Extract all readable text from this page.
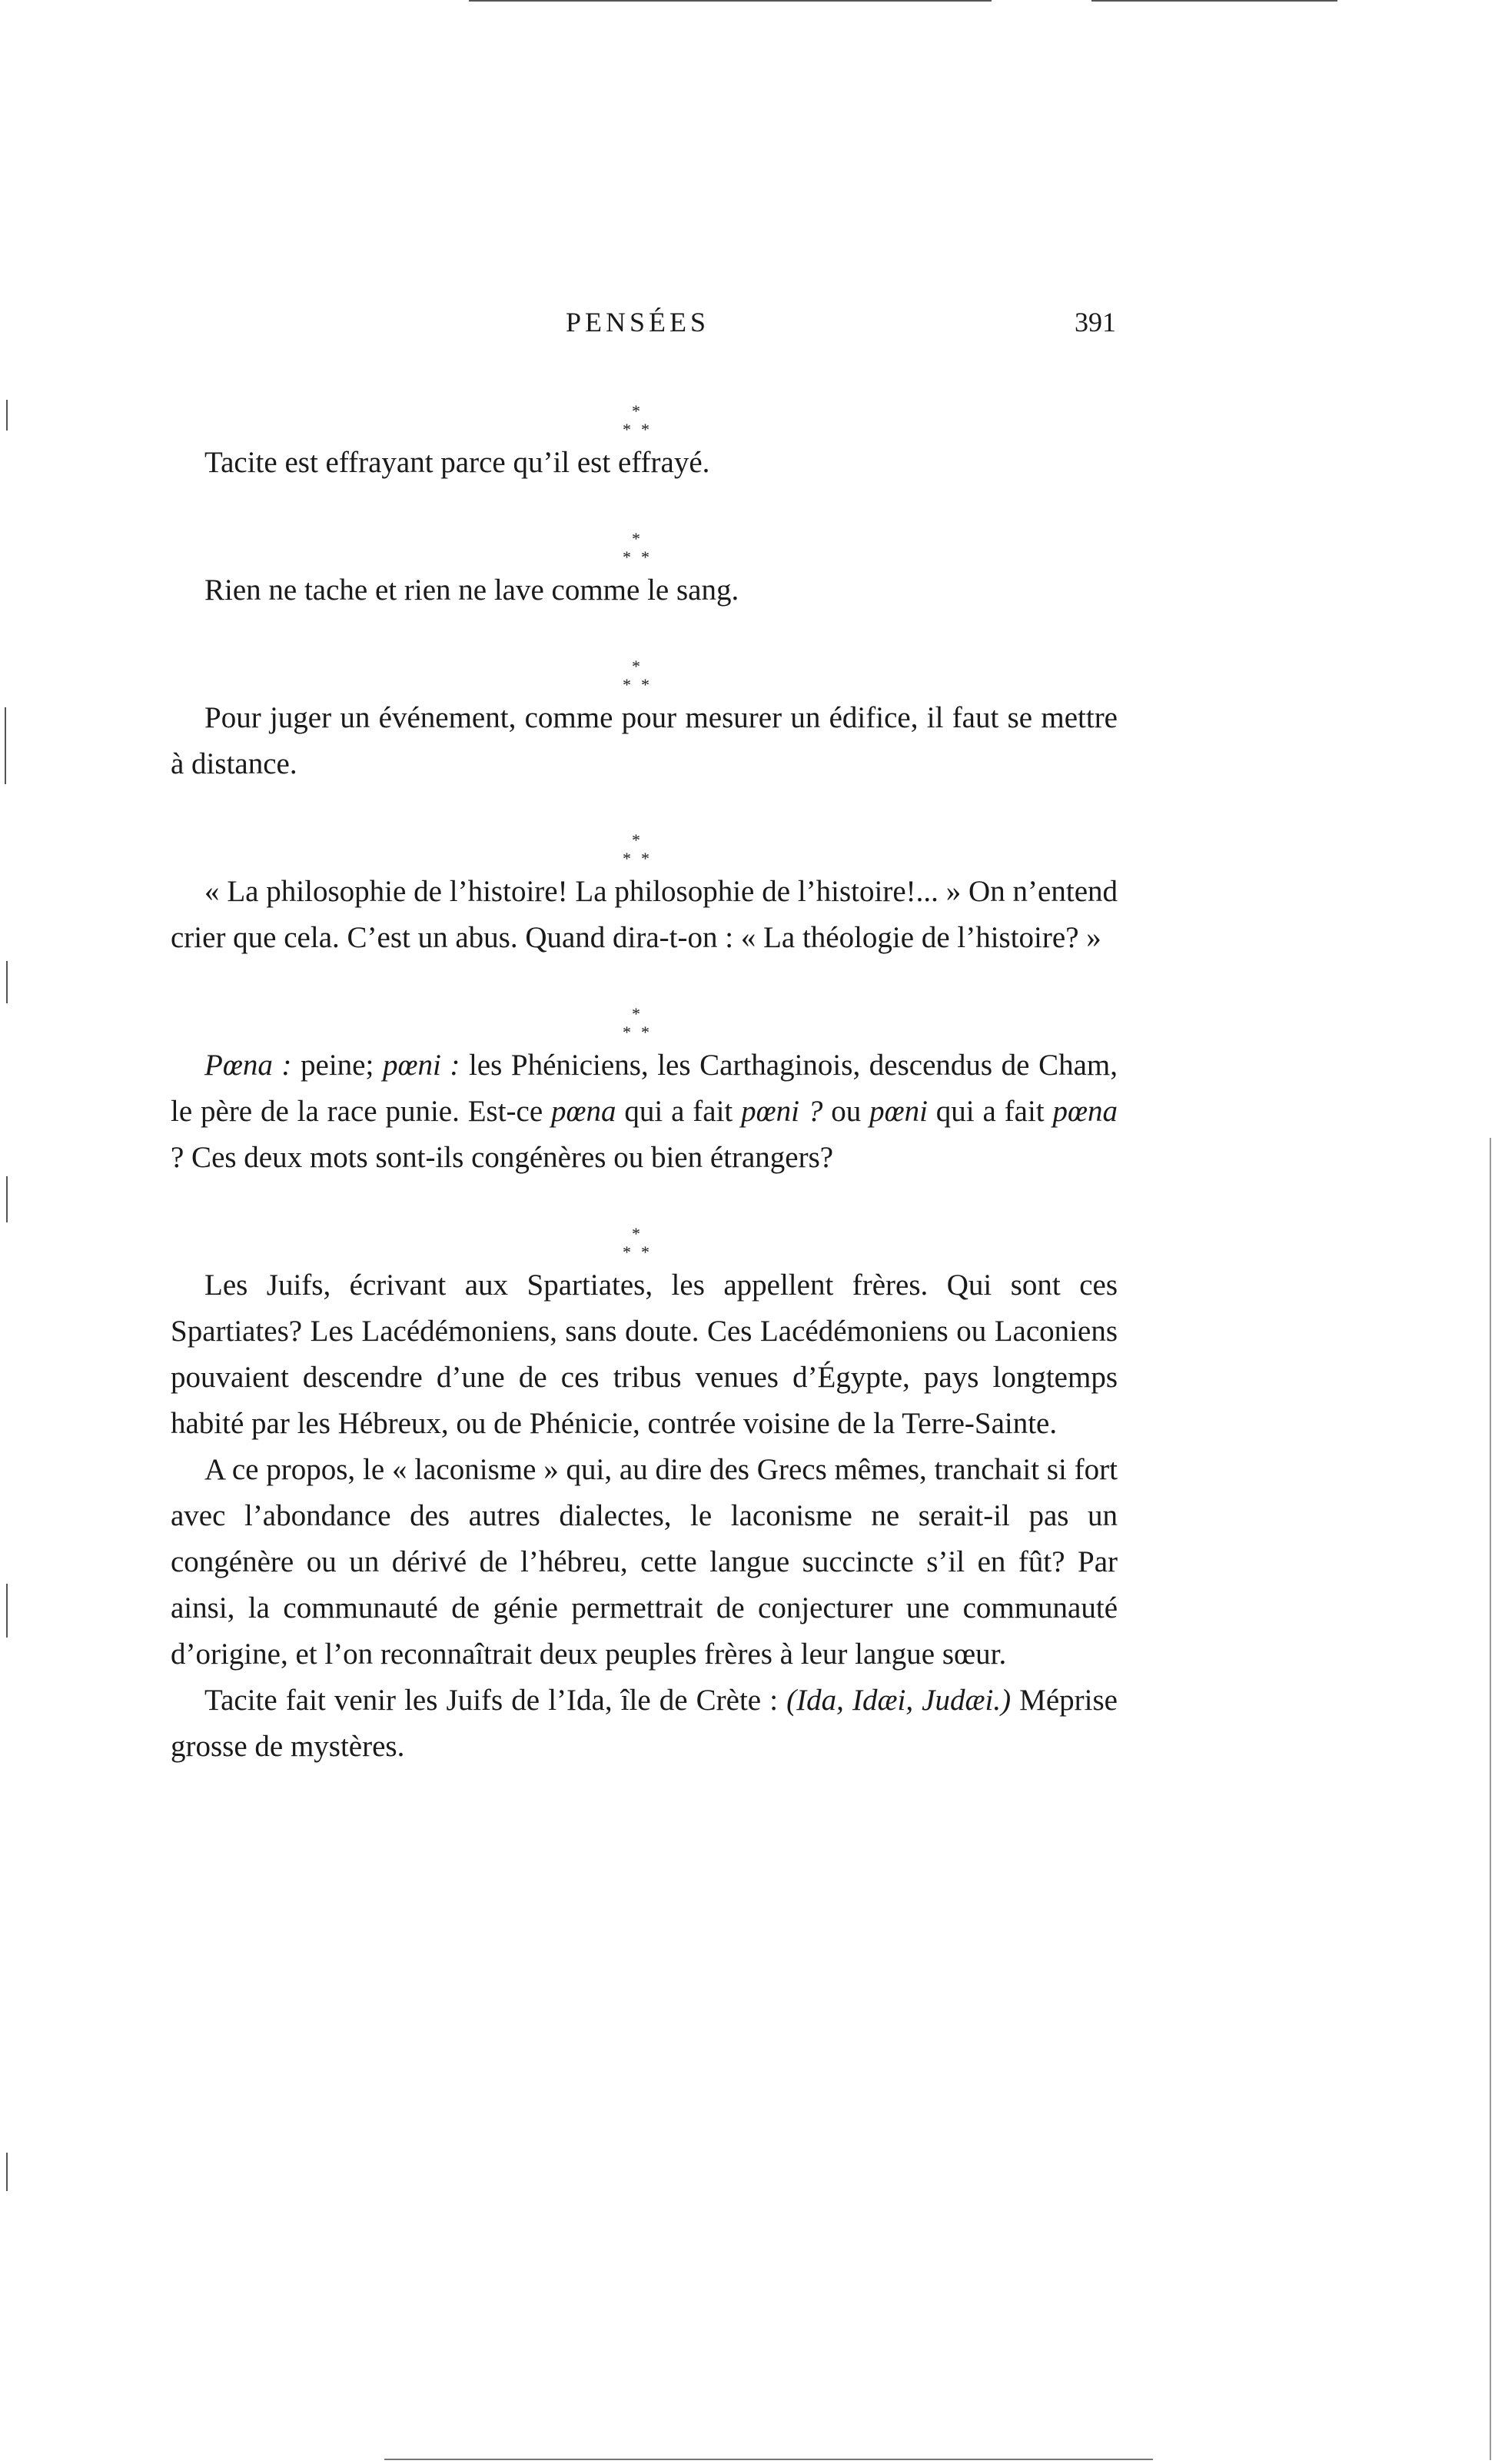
PENSÉES	391
*
* *

Tacite est effrayant parce qu’il est effrayé.

*
* *

Rien ne tache et rien ne lave comme le sang.

*
* *

Pour juger un événement, comme pour mesurer un édifice, il faut se mettre à distance.

*
* *

« La philosophie de l’histoire! La philosophie de l’histoire!... » On n’entend crier que cela. C’est un abus. Quand dira-t-on : « La théologie de l’histoire? »

*
* *

Pœna : peine; pœni : les Phéniciens, les Carthaginois, descendus de Cham, le père de la race punie. Est-ce pœna qui a fait pœni ? ou pœni qui a fait pœna ? Ces deux mots sont-ils congénères ou bien étrangers?

*
* *

Les Juifs, écrivant aux Spartiates, les appellent frères. Qui sont ces Spartiates? Les Lacédémoniens, sans doute. Ces Lacédémoniens ou Laconiens pouvaient descendre d’une de ces tribus venues d’Égypte, pays longtemps habité par les Hébreux, ou de Phénicie, contrée voisine de la Terre-Sainte.

A ce propos, le « laconisme » qui, au dire des Grecs mêmes, tranchait si fort avec l’abondance des autres dialectes, le laconisme ne serait-il pas un congénère ou un dérivé de l’hébreu, cette langue succincte s’il en fût? Par ainsi, la communauté de génie permettrait de conjecturer une communauté d’origine, et l’on reconnaîtrait deux peuples frères à leur langue sœur.

Tacite fait venir les Juifs de l’Ida, île de Crète : (Ida, Idæi, Judæi.) Méprise grosse de mystères.
